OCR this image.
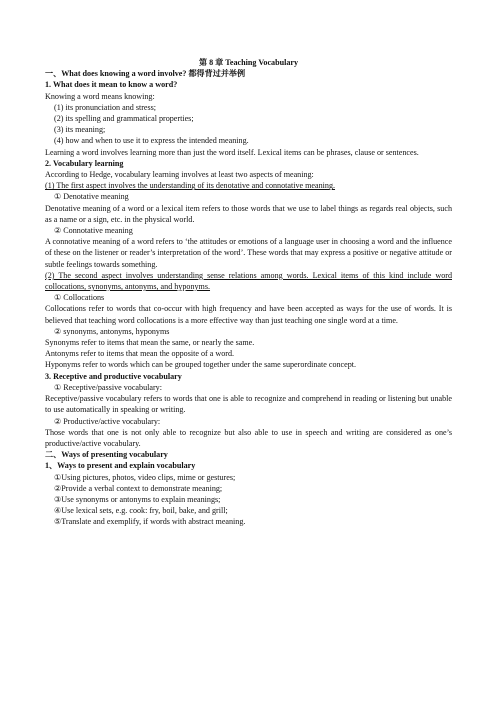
第 8 章 Teaching Vocabulary
一、What does knowing a word involve? 都得背过并举例
1. What does it mean to know a word?
Knowing a word means knowing:
(1) its pronunciation and stress;
(2) its spelling and grammatical properties;
(3) its meaning;
(4) how and when to use it to express the intended meaning.
Learning a word involves learning more than just the word itself. Lexical items can be phrases, clause or sentences.
2. Vocabulary learning
According to Hedge, vocabulary learning involves at least two aspects of meaning:
(1) The first aspect involves the understanding of its denotative and connotative meaning.
① Denotative meaning
Denotative meaning of a word or a lexical item refers to those words that we use to label things as regards real objects, such as a name or a sign, etc. in the physical world.
② Connotative meaning
A connotative meaning of a word refers to ‘the attitudes or emotions of a language user in choosing a word and the influence of these on the listener or reader’s interpretation of the word’. These words that may express a positive or negative attitude or subtle feelings towards something.
(2) The second aspect involves understanding sense relations among words. Lexical items of this kind include word collocations, synonyms, antonyms, and hyponyms.
① Collocations
Collocations refer to words that co-occur with high frequency and have been accepted as ways for the use of words. It is believed that teaching word collocations is a more effective way than just teaching one single word at a time.
② synonyms, antonyms, hyponyms
Synonyms refer to items that mean the same, or nearly the same.
Antonyms refer to items that mean the opposite of a word.
Hyponyms refer to words which can be grouped together under the same superordinate concept.
3. Receptive and productive vocabulary
① Receptive/passive vocabulary:
Receptive/passive vocabulary refers to words that one is able to recognize and comprehend in reading or listening but unable to use automatically in speaking or writing.
② Productive/active vocabulary:
Those words that one is not only able to recognize but also able to use in speech and writing are considered as one’s productive/active vocabulary.
二、Ways of presenting vocabulary
1、Ways to present and explain vocabulary
①Using pictures, photos, video clips, mime or gestures;
②Provide a verbal context to demonstrate meaning;
③Use synonyms or antonyms to explain meanings;
④Use lexical sets, e.g. cook: fry, boil, bake, and grill;
⑤Translate and exemplify, if words with abstract meaning.
